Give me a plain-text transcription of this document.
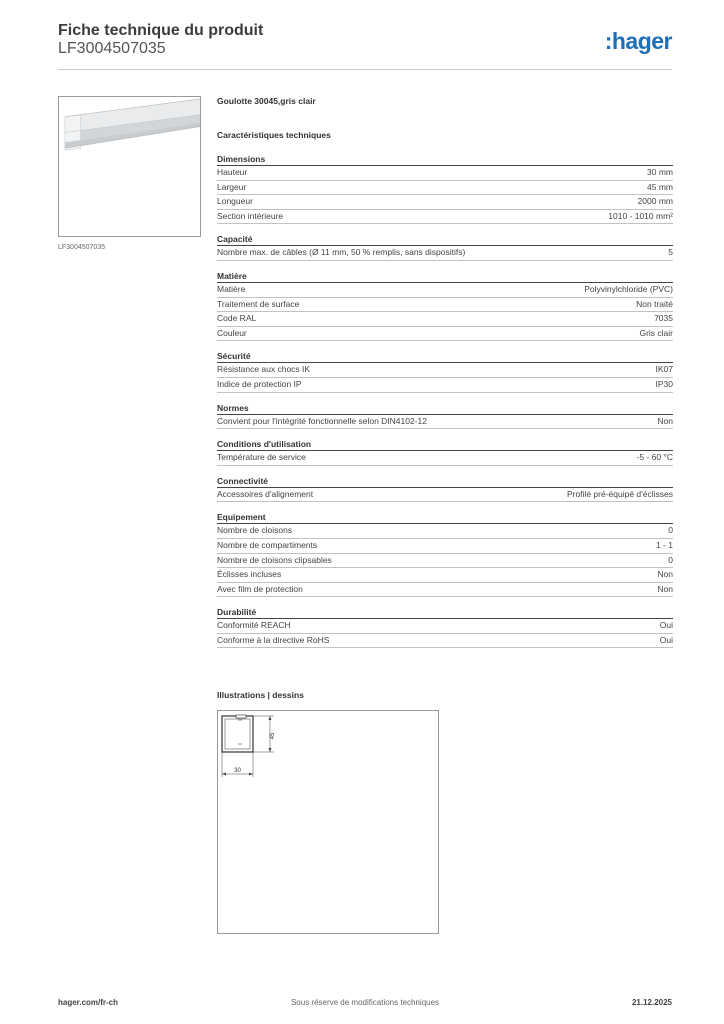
Fiche technique du produit
LF3004507035	:hager
LF3004507035
Goulotte 30045,gris clair
Caractéristiques techniques
Dimensions
Hauteur	30 mm
Largeur	45 mm
Longueur	2000 mm
Section intérieure	1010 - 1010 mm²
Capacité
Nombre max. de câbles (Ø 11 mm, 50 % remplis, sans dispositifs)	5
Matière
Matière	Polyvinylchloride (PVC)
Traitement de surface	Non traité
Code RAL	7035
Couleur	Gris clair
Sécurité
Résistance aux chocs IK	IK07
Indice de protection IP	IP30
Normes
Convient pour l'intégrité fonctionnelle selon DIN4102-12	Non
Conditions d'utilisation
Température de service	-5 - 60 °C
Connectivité
Accessoires d'alignement	Profilé pré-équipé d'éclisses
Equipement
Nombre de cloisons	0
Nombre de compartiments	1 - 1
Nombre de cloisons clipsables	0
Éclisses incluses	Non
Avec film de protection	Non
Durabilité
Conformité REACH	Oui
Conforme à la directive RoHS	Oui
Illustrations | dessins
45
30
hager.com/fr-ch	Sous réserve de modifications techniques	21.12.2025
